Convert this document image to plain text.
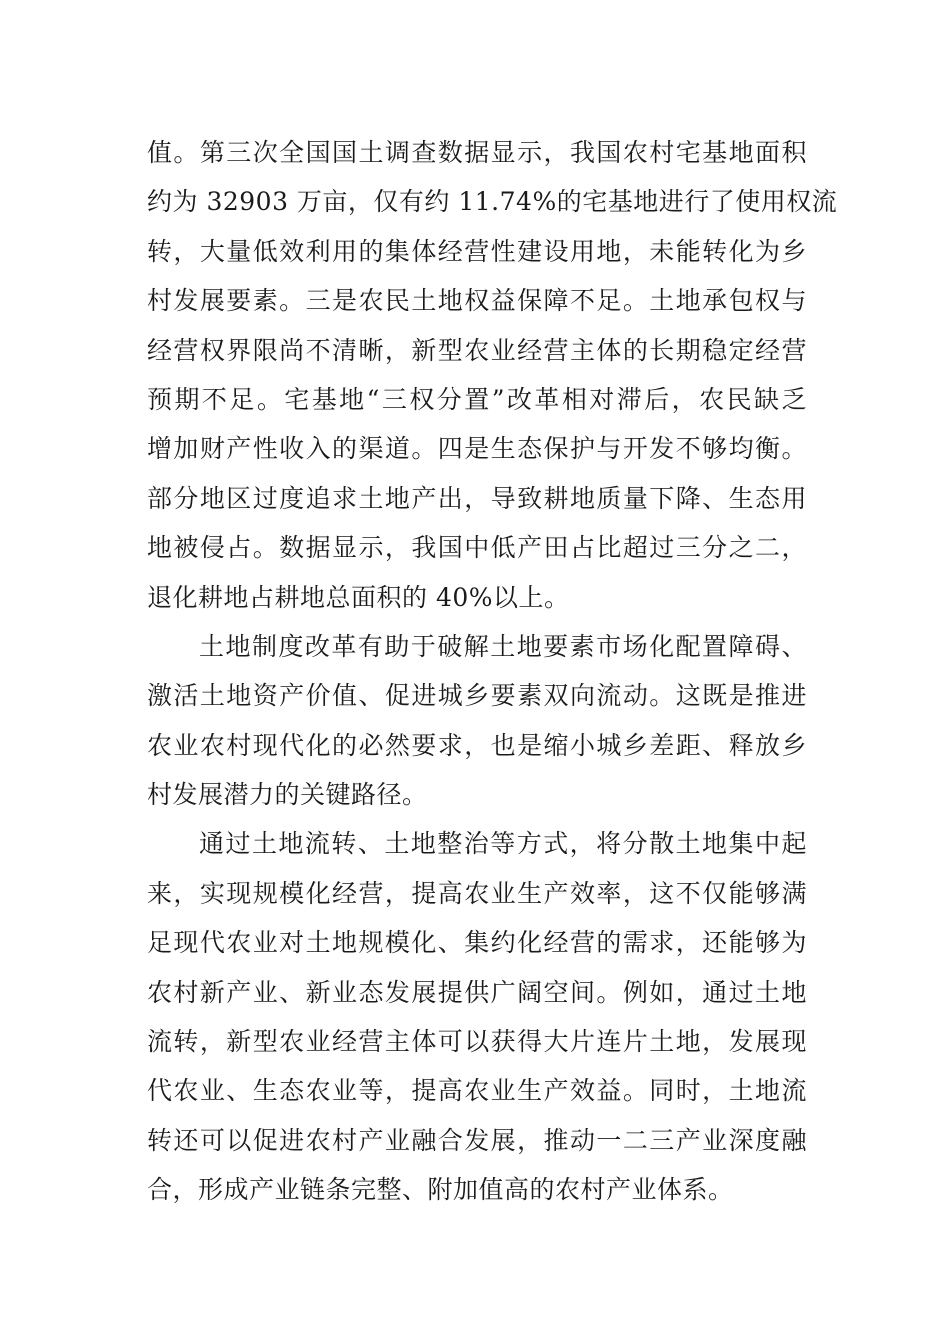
值。第三次全国国土调查数据显示，我国农村宅基地面积
约为 32903 万亩，仅有约 11.74%的宅基地进行了使用权流
转，大量低效利用的集体经营性建设用地，未能转化为乡
村发展要素。三是农民土地权益保障不足。土地承包权与
经营权界限尚不清晰，新型农业经营主体的长期稳定经营
预期不足。宅基地“三权分置”改革相对滞后，农民缺乏
增加财产性收入的渠道。四是生态保护与开发不够均衡。
部分地区过度追求土地产出，导致耕地质量下降、生态用
地被侵占。数据显示，我国中低产田占比超过三分之二，
退化耕地占耕地总面积的 40%以上。
土地制度改革有助于破解土地要素市场化配置障碍、
激活土地资产价值、促进城乡要素双向流动。这既是推进
农业农村现代化的必然要求，也是缩小城乡差距、释放乡
村发展潜力的关键路径。
通过土地流转、土地整治等方式，将分散土地集中起
来，实现规模化经营，提高农业生产效率，这不仅能够满
足现代农业对土地规模化、集约化经营的需求，还能够为
农村新产业、新业态发展提供广阔空间。例如，通过土地
流转，新型农业经营主体可以获得大片连片土地，发展现
代农业、生态农业等，提高农业生产效益。同时，土地流
转还可以促进农村产业融合发展，推动一二三产业深度融
合，形成产业链条完整、附加值高的农村产业体系。
